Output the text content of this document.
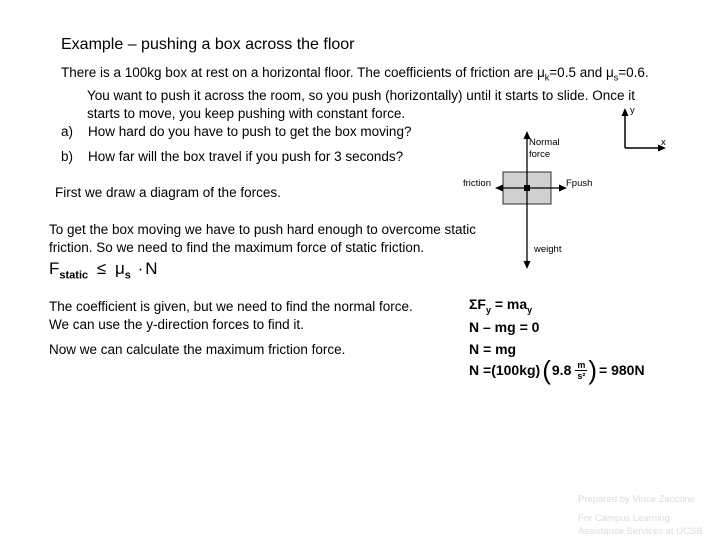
Example – pushing a box across the floor
There is a 100kg box at rest on a horizontal floor. The coefficients of friction are $\mu_k=0.5$ and $\mu_s=0.6$.
You want to push it across the room, so you push (horizontally) until it starts to slide. Once it
starts to move, you keep pushing with constant force.
a) How hard do you have to push to get the box moving?
b) How far will the box travel if you push for 3 seconds?
First we draw a diagram of the forces.
y
x
Normal
force
friction	Fpush
weight
To get the box moving we have to push hard enough to overcome static
friction. So we need to find the maximum force of static friction.
$F_{static} \le \mu_s \cdot N$
The coefficient is given, but we need to find the normal force.
We can use the y-direction forces to find it.
$\Sigma F_y = ma_y$
N – mg = 0
Now we can calculate the maximum friction force.	N = mg
N = (100kg) ( 9.8 m
s² ) = 980N
Prepared by Vince Zaccone
For Campus Learning
Assistance Services at UCSB
